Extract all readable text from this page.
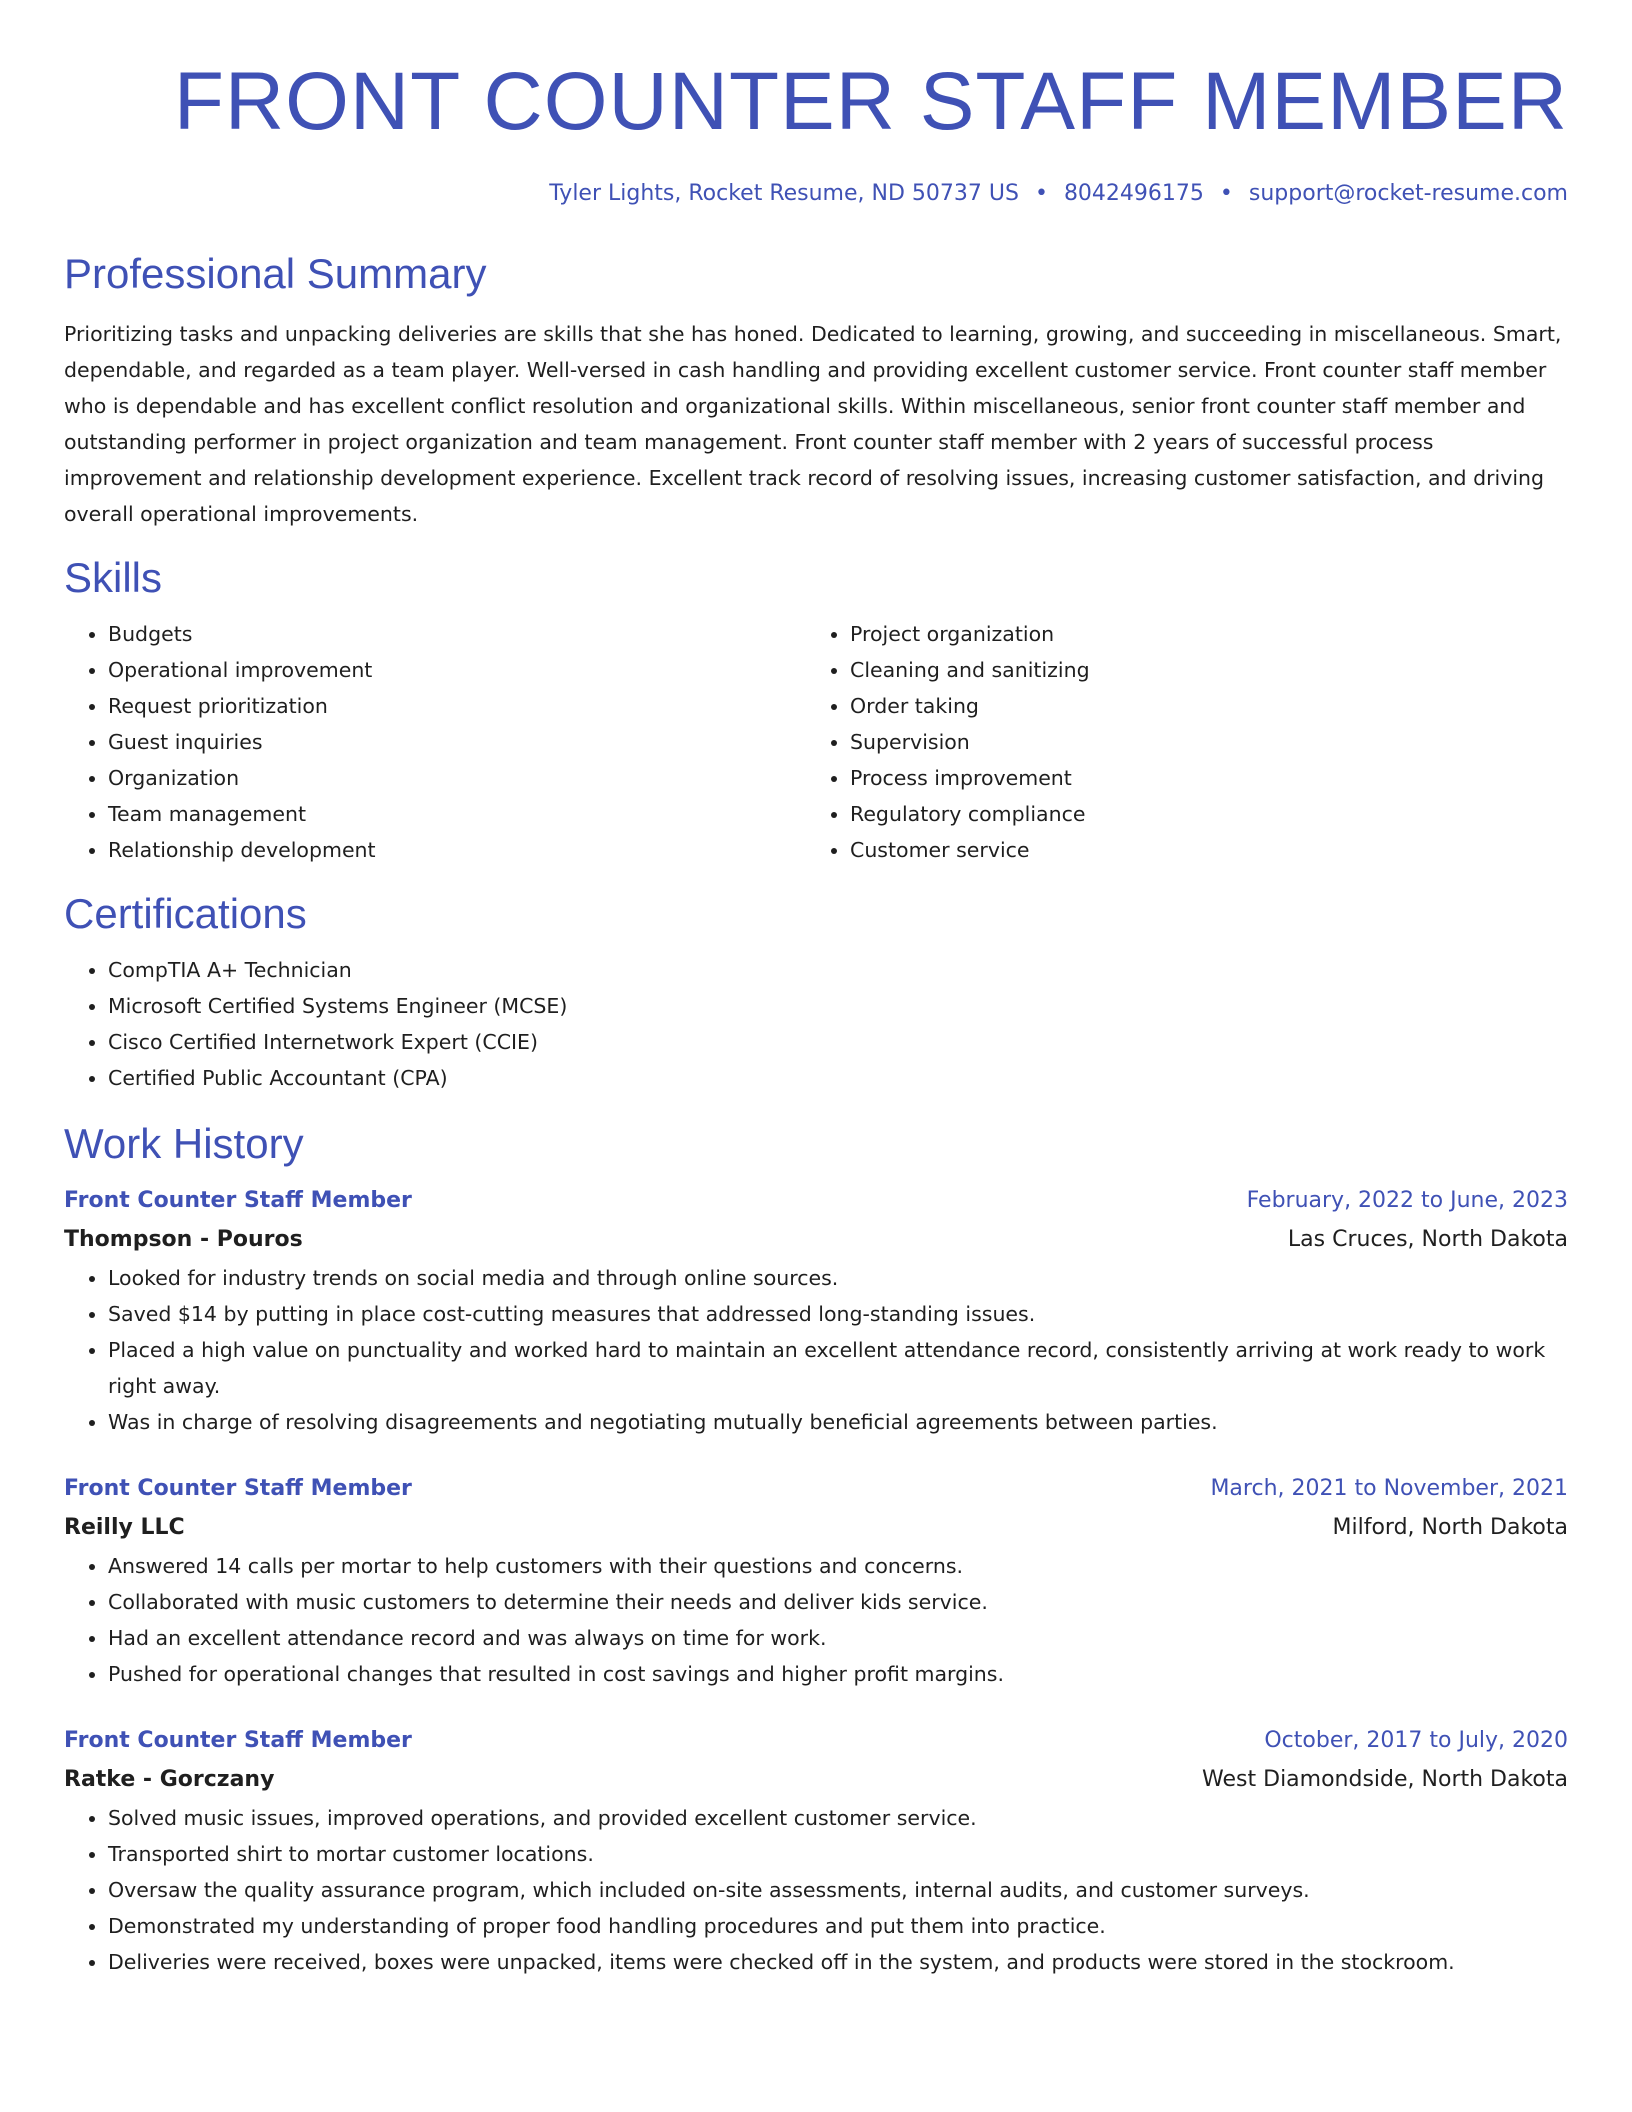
FRONT COUNTER STAFF MEMBER
Tyler Lights, Rocket Resume, ND 50737 US • 8042496175 • support@rocket-resume.com
Professional Summary

Prioritizing tasks and unpacking deliveries are skills that she has honed. Dedicated to learning, growing, and succeeding in miscellaneous. Smart, dependable, and regarded as a team player. Well-versed in cash handling and providing excellent customer service. Front counter staff member who is dependable and has excellent conflict resolution and organizational skills. Within miscellaneous, senior front counter staff member and outstanding performer in project organization and team management. Front counter staff member with 2 years of successful process improvement and relationship development experience. Excellent track record of resolving issues, increasing customer satisfaction, and driving overall operational improvements.

Skills
• Budgets
• Operational improvement
• Request prioritization
• Guest inquiries
• Organization
• Team management
• Relationship development
• Project organization
• Cleaning and sanitizing
• Order taking
• Supervision
• Process improvement
• Regulatory compliance
• Customer service
Certifications
• CompTIA A+ Technician
• Microsoft Certified Systems Engineer (MCSE)
• Cisco Certified Internetwork Expert (CCIE)
• Certified Public Accountant (CPA)
Work History
Front Counter Staff Member	February, 2022 to June, 2023
Thompson - Pouros	Las Cruces, North Dakota
• Looked for industry trends on social media and through online sources.
• Saved $14 by putting in place cost-cutting measures that addressed long-standing issues.
• Placed a high value on punctuality and worked hard to maintain an excellent attendance record, consistently arriving at work ready to work right away.
• Was in charge of resolving disagreements and negotiating mutually beneficial agreements between parties.
Front Counter Staff Member	March, 2021 to November, 2021
Reilly LLC	Milford, North Dakota
• Answered 14 calls per mortar to help customers with their questions and concerns.
• Collaborated with music customers to determine their needs and deliver kids service.
• Had an excellent attendance record and was always on time for work.
• Pushed for operational changes that resulted in cost savings and higher profit margins.
Front Counter Staff Member	October, 2017 to July, 2020
Ratke - Gorczany	West Diamondside, North Dakota
• Solved music issues, improved operations, and provided excellent customer service.
• Transported shirt to mortar customer locations.
• Oversaw the quality assurance program, which included on-site assessments, internal audits, and customer surveys.
• Demonstrated my understanding of proper food handling procedures and put them into practice.
• Deliveries were received, boxes were unpacked, items were checked off in the system, and products were stored in the stockroom.
